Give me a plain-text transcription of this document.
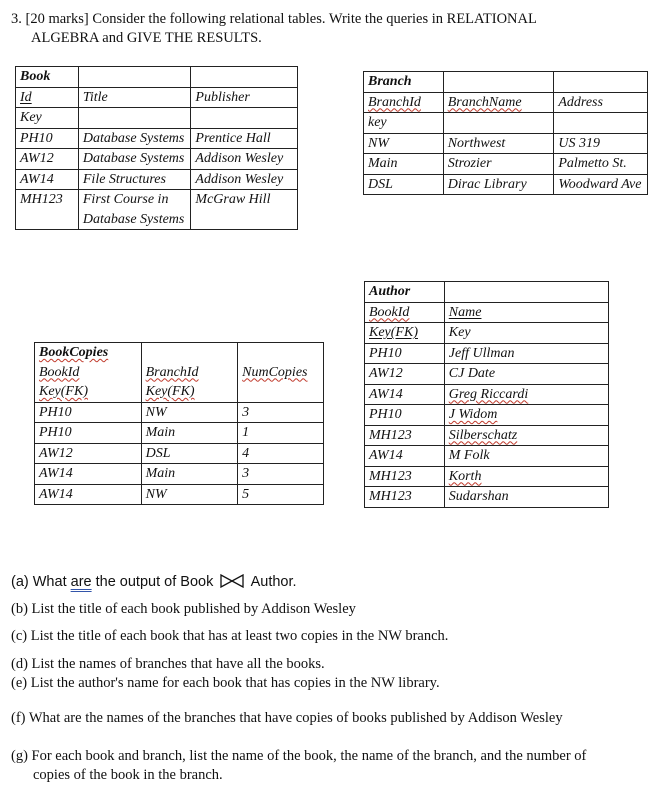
3. [20 marks] Consider the following relational tables. Write the queries in RELATIONAL
ALGEBRA and GIVE THE RESULTS.
Book		
Id	Title	Publisher
Key		
PH10	Database Systems	Prentice Hall
AW12	Database Systems	Addison Wesley
AW14	File Structures	Addison Wesley
MH123	First Course in Database Systems	McGraw Hill
Branch		
BranchId	BranchName	Address
key		
NW	Northwest	US 319
Main	Strozier	Palmetto St.
DSL	Dirac Library	Woodward Ave
Author	
BookId	Name
Key(FK)	Key
PH10	Jeff Ullman
AW12	CJ Date
AW14	Greg Riccardi
PH10	J Widom
MH123	Silberschatz
AW14	M Folk
MH123	Korth
MH123	Sudarshan
BookCopies		
BookId	BranchId	NumCopies
Key(FK)	Key(FK)	
PH10	NW	3
PH10	Main	1
AW12	DSL	4
AW14	Main	3
AW14	NW	5
(a) What are the output of Book  Author.
(b) List the title of each book published by Addison Wesley
(c) List the title of each book that has at least two copies in the NW branch.
(d) List the names of branches that have all the books.
(e) List the author's name for each book that has copies in the NW library.
(f) What are the names of the branches that have copies of books published by Addison Wesley
(g) For each book and branch, list the name of the book, the name of the branch, and the number of copies of the book in the branch.
